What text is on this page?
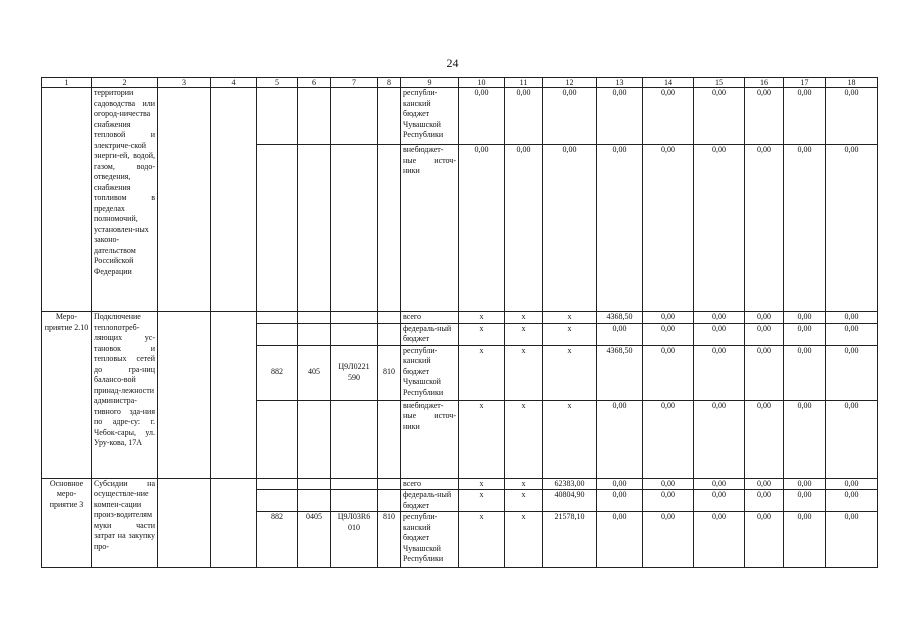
24
1	2	3	4	5	6	7	8	9	10	11	12	13	14	15	16	17	18
	территории садоводства или огород-ничества снабжения тепловой и электриче-ской энерги-ей, водой, газом, водо-отведения, снабжения топливом в пределах полномочий, установлен-ных законо-дательством Российской Федерации							республи-канский бюджет Чувашской Республики	0,00	0,00	0,00	0,00	0,00	0,00	0,00	0,00	0,00
								внебюджет-ные источ-ники	0,00	0,00	0,00	0,00	0,00	0,00	0,00	0,00	0,00
Меро-приятие 2.10	Подключение теплопотреб-ляющих ус-тановок и тепловых сетей до гра-ниц балансо-вой принад-лежности администра-тивного зда-ния по адре-су: г. Чебок-сары, ул. Уру-кова, 17А							всего	x	x	x	4368,50	0,00	0,00	0,00	0,00	0,00
								федераль-ный бюджет	x	x	x	0,00	0,00	0,00	0,00	0,00	0,00
				882	405	Ц9Л0221 590	810	республи-канский бюджет Чувашской Республики	x	x	x	4368,50	0,00	0,00	0,00	0,00	0,00
								внебюджет-ные источ-ники	x	x	x	0,00	0,00	0,00	0,00	0,00	0,00
Основное меро-приятие 3	Субсидии на осуществле-ние компен-сации произ-водителям муки части затрат на закупку про-							всего	x	x	62383,00	0,00	0,00	0,00	0,00	0,00	0,00
								федераль-ный бюджет	x	x	40804,90	0,00	0,00	0,00	0,00	0,00	0,00
				882	0405	Ц9Л03R6 010	810	республи-канский бюджет Чувашской Республики	x	x	21578,10	0,00	0,00	0,00	0,00	0,00	0,00
